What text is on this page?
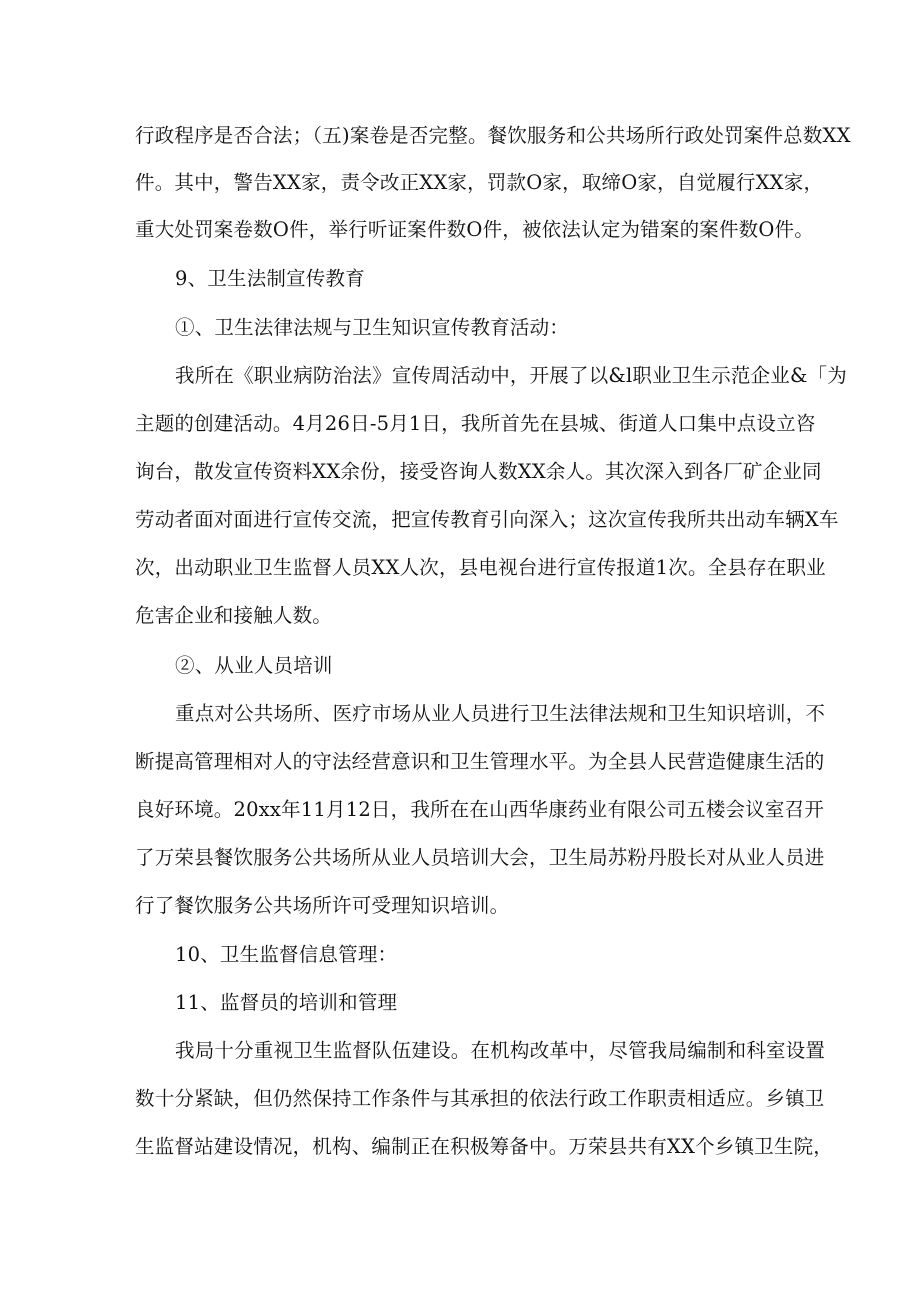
行政程序是否合法；（五)案卷是否完整。餐饮服务和公共场所行政处罚案件总数XX
件。其中，警告XX家，责令改正XX家，罚款O家，取缔O家，自觉履行XX家，
重大处罚案卷数O件，举行听证案件数O件，被依法认定为错案的案件数O件。
9、卫生法制宣传教育
①、卫生法律法规与卫生知识宣传教育活动：
我所在《职业病防治法》宣传周活动中，开展了以&l职业卫生示范企业&「为
主题的创建活动。4月26日-5月1日，我所首先在县城、街道人口集中点设立咨
询台，散发宣传资料XX余份，接受咨询人数XX余人。其次深入到各厂矿企业同
劳动者面对面进行宣传交流，把宣传教育引向深入；这次宣传我所共出动车辆X车
次，出动职业卫生监督人员XX人次，县电视台进行宣传报道1次。全县存在职业
危害企业和接触人数。
②、从业人员培训
重点对公共场所、医疗市场从业人员进行卫生法律法规和卫生知识培训，不
断提高管理相对人的守法经营意识和卫生管理水平。为全县人民营造健康生活的
良好环境。20xx年11月12日，我所在在山西华康药业有限公司五楼会议室召开
了万荣县餐饮服务公共场所从业人员培训大会，卫生局苏粉丹股长对从业人员进
行了餐饮服务公共场所许可受理知识培训。
10、卫生监督信息管理：
11、监督员的培训和管理
我局十分重视卫生监督队伍建设。在机构改革中，尽管我局编制和科室设置
数十分紧缺，但仍然保持工作条件与其承担的依法行政工作职责相适应。乡镇卫
生监督站建设情况，机构、编制正在积极筹备中。万荣县共有XX个乡镇卫生院，
